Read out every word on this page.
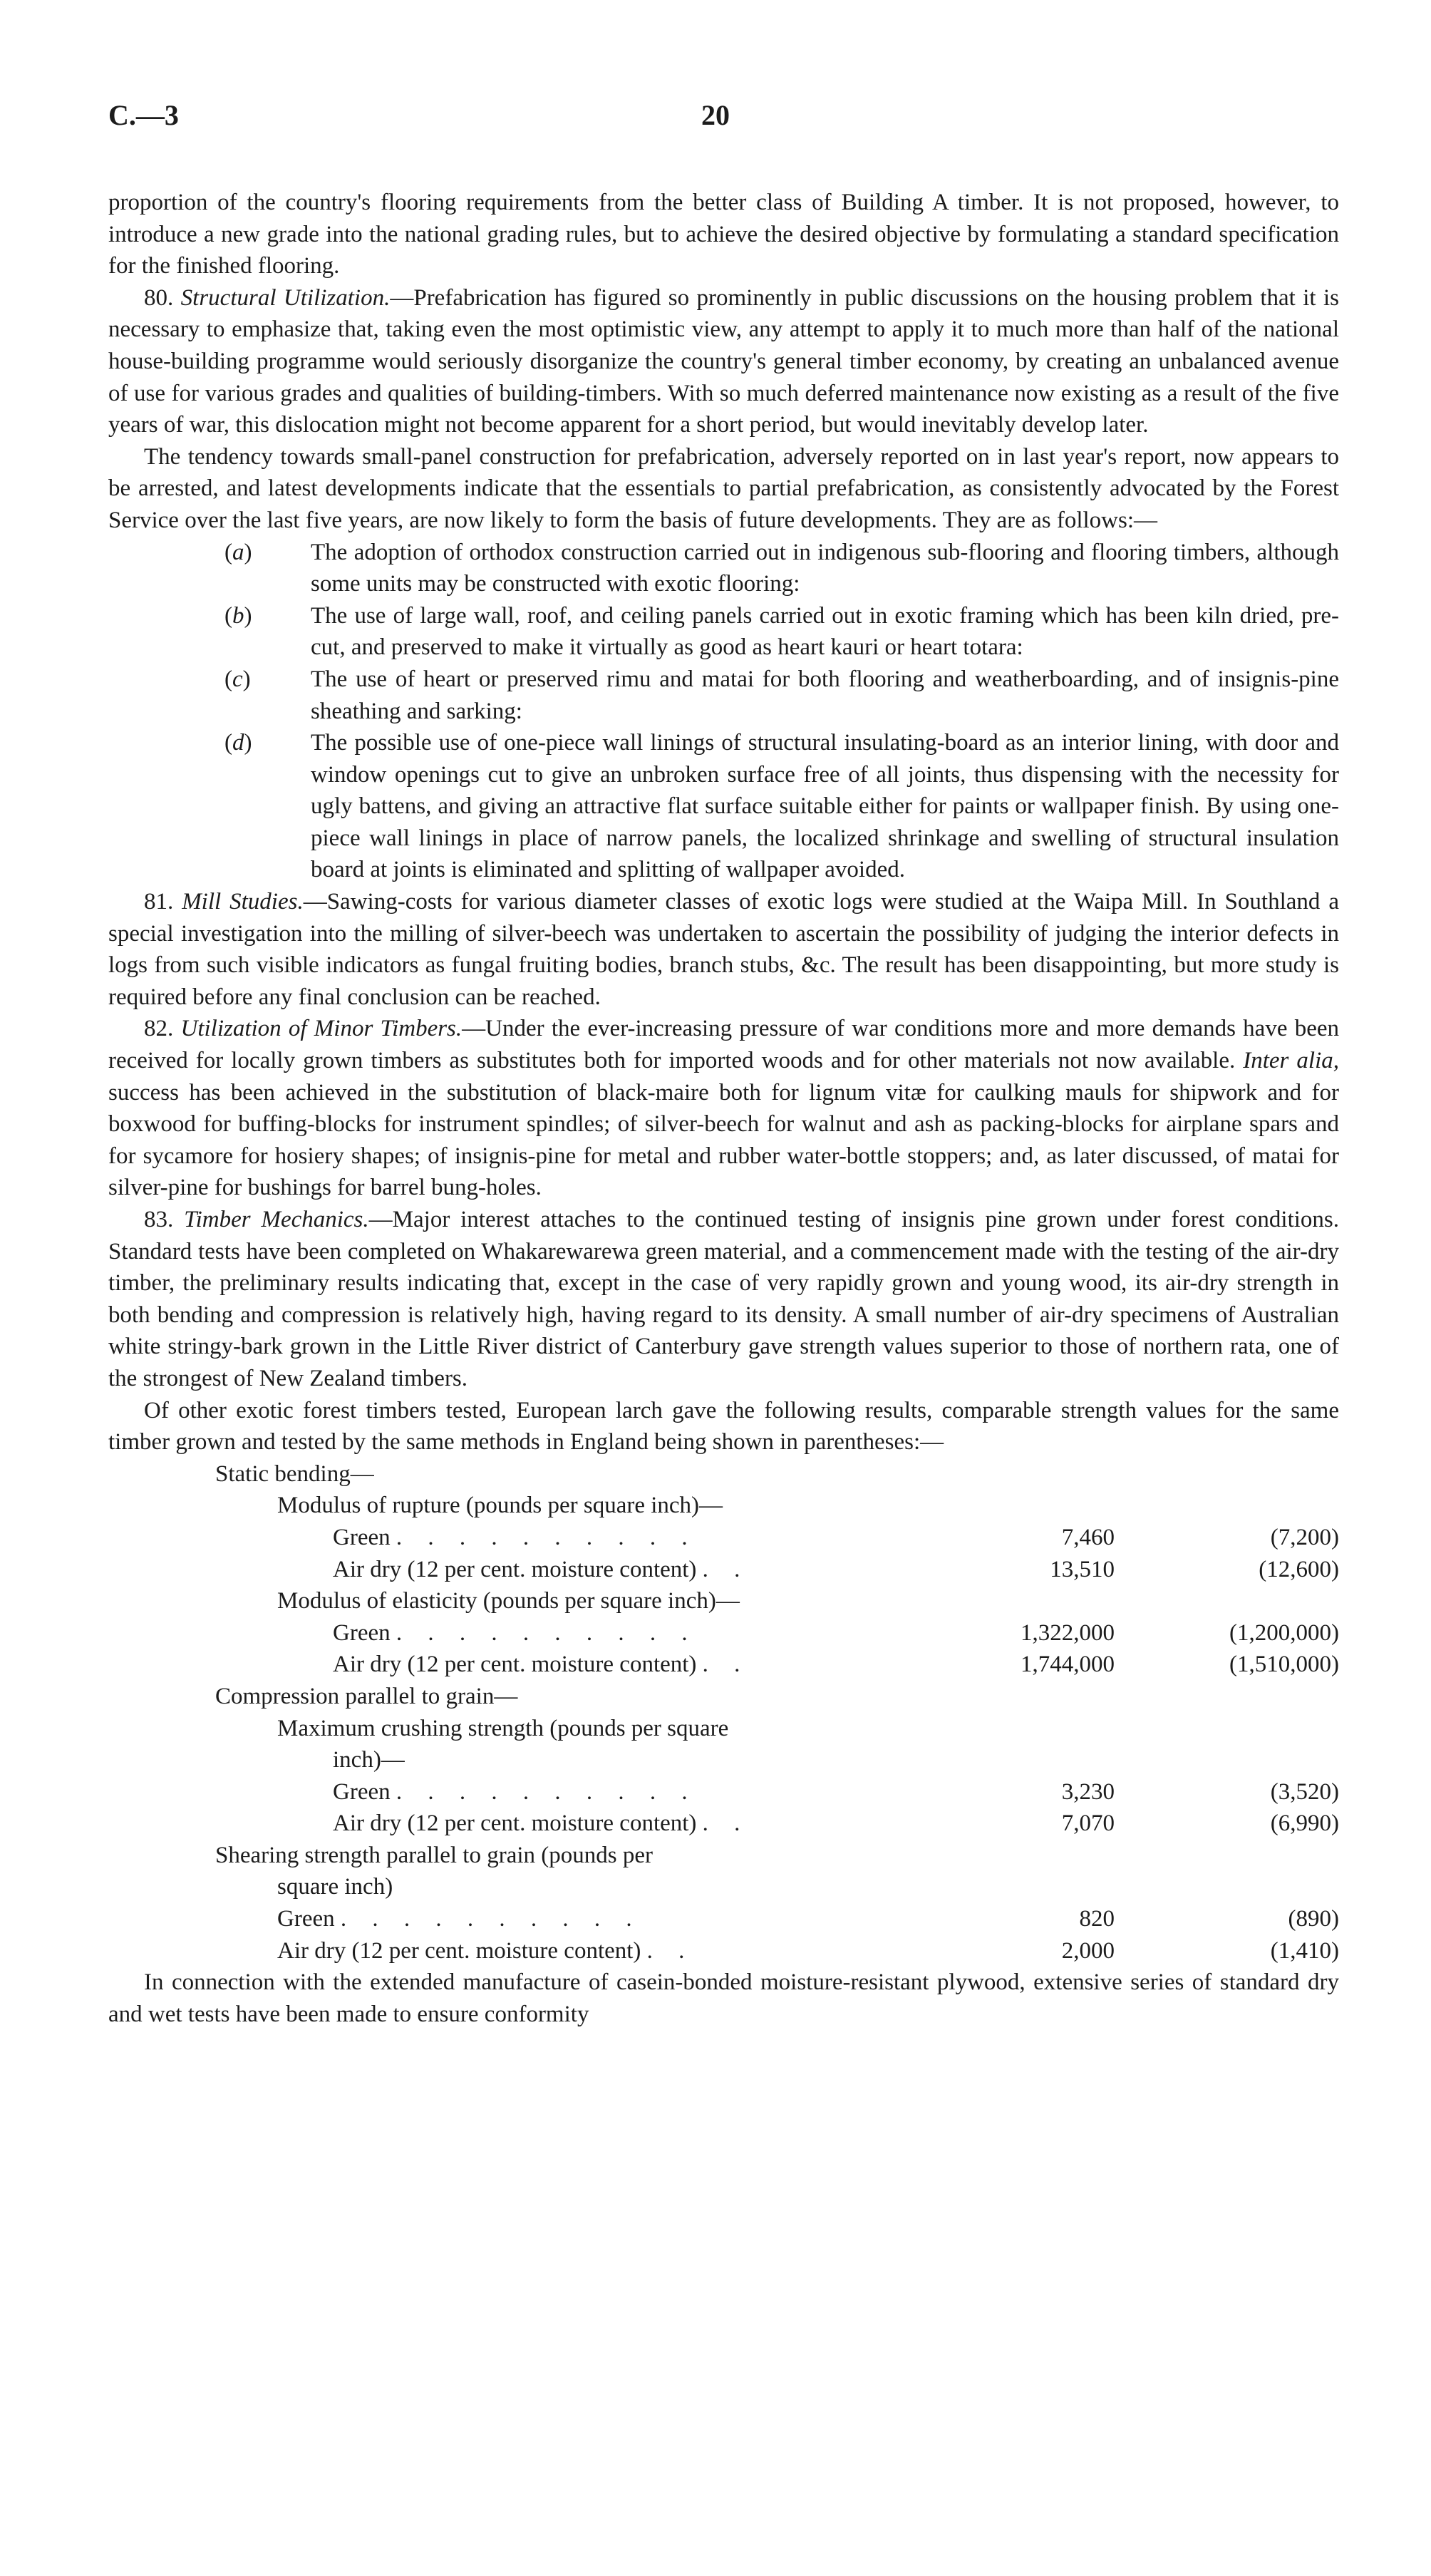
C.—3	20

proportion of the country's flooring requirements from the better class of Building A timber. It is not proposed, however, to introduce a new grade into the national grading rules, but to achieve the desired objective by formulating a standard specification for the finished flooring.

80. Structural Utilization.—Prefabrication has figured so prominently in public discussions on the housing problem that it is necessary to emphasize that, taking even the most optimistic view, any attempt to apply it to much more than half of the national house-building programme would seriously disorganize the country's general timber economy, by creating an unbalanced avenue of use for various grades and qualities of building-timbers. With so much deferred maintenance now existing as a result of the five years of war, this dislocation might not become apparent for a short period, but would inevitably develop later.

The tendency towards small-panel construction for prefabrication, adversely reported on in last year's report, now appears to be arrested, and latest developments indicate that the essentials to partial prefabrication, as consistently advocated by the Forest Service over the last five years, are now likely to form the basis of future developments. They are as follows:—

(a)	The adoption of orthodox construction carried out in indigenous sub-flooring and flooring timbers, although some units may be constructed with exotic flooring:
(b)	The use of large wall, roof, and ceiling panels carried out in exotic framing which has been kiln dried, pre-cut, and preserved to make it virtually as good as heart kauri or heart totara:
(c)	The use of heart or preserved rimu and matai for both flooring and weatherboarding, and of insignis-pine sheathing and sarking:
(d)	The possible use of one-piece wall linings of structural insulating-board as an interior lining, with door and window openings cut to give an unbroken surface free of all joints, thus dispensing with the necessity for ugly battens, and giving an attractive flat surface suitable either for paints or wallpaper finish. By using one-piece wall linings in place of narrow panels, the localized shrinkage and swelling of structural insulation board at joints is eliminated and splitting of wallpaper avoided.

81. Mill Studies.—Sawing-costs for various diameter classes of exotic logs were studied at the Waipa Mill. In Southland a special investigation into the milling of silver-beech was undertaken to ascertain the possibility of judging the interior defects in logs from such visible indicators as fungal fruiting bodies, branch stubs, &c. The result has been disappointing, but more study is required before any final conclusion can be reached.

82. Utilization of Minor Timbers.—Under the ever-increasing pressure of war conditions more and more demands have been received for locally grown timbers as substitutes both for imported woods and for other materials not now available. Inter alia, success has been achieved in the substitution of black-maire both for lignum vitæ for caulking mauls for shipwork and for boxwood for buffing-blocks for instrument spindles; of silver-beech for walnut and ash as packing-blocks for airplane spars and for sycamore for hosiery shapes; of insignis-pine for metal and rubber water-bottle stoppers; and, as later discussed, of matai for silver-pine for bushings for barrel bung-holes.

83. Timber Mechanics.—Major interest attaches to the continued testing of insignis pine grown under forest conditions. Standard tests have been completed on Whakarewarewa green material, and a commencement made with the testing of the air-dry timber, the preliminary results indicating that, except in the case of very rapidly grown and young wood, its air-dry strength in both bending and compression is relatively high, having regard to its density. A small number of air-dry specimens of Australian white stringy-bark grown in the Little River district of Canterbury gave strength values superior to those of northern rata, one of the strongest of New Zealand timbers.

Of other exotic forest timbers tested, European larch gave the following results, comparable strength values for the same timber grown and tested by the same methods in England being shown in parentheses:—

Static bending—
Modulus of rupture (pounds per square inch)—
Green . . . . . . . . . .	7,460	(7,200)
Air dry (12 per cent. moisture content) . .	13,510	(12,600)
Modulus of elasticity (pounds per square inch)—
Green . . . . . . . . . .	1,322,000	(1,200,000)
Air dry (12 per cent. moisture content) . .	1,744,000	(1,510,000)
Compression parallel to grain—
Maximum crushing strength (pounds per square
inch)—
Green . . . . . . . . . .	3,230	(3,520)
Air dry (12 per cent. moisture content) . .	7,070	(6,990)
Shearing strength parallel to grain (pounds per
square inch)
Green . . . . . . . . . .	820	(890)
Air dry (12 per cent. moisture content) . .	2,000	(1,410)

In connection with the extended manufacture of casein-bonded moisture-resistant plywood, extensive series of standard dry and wet tests have been made to ensure conformity
